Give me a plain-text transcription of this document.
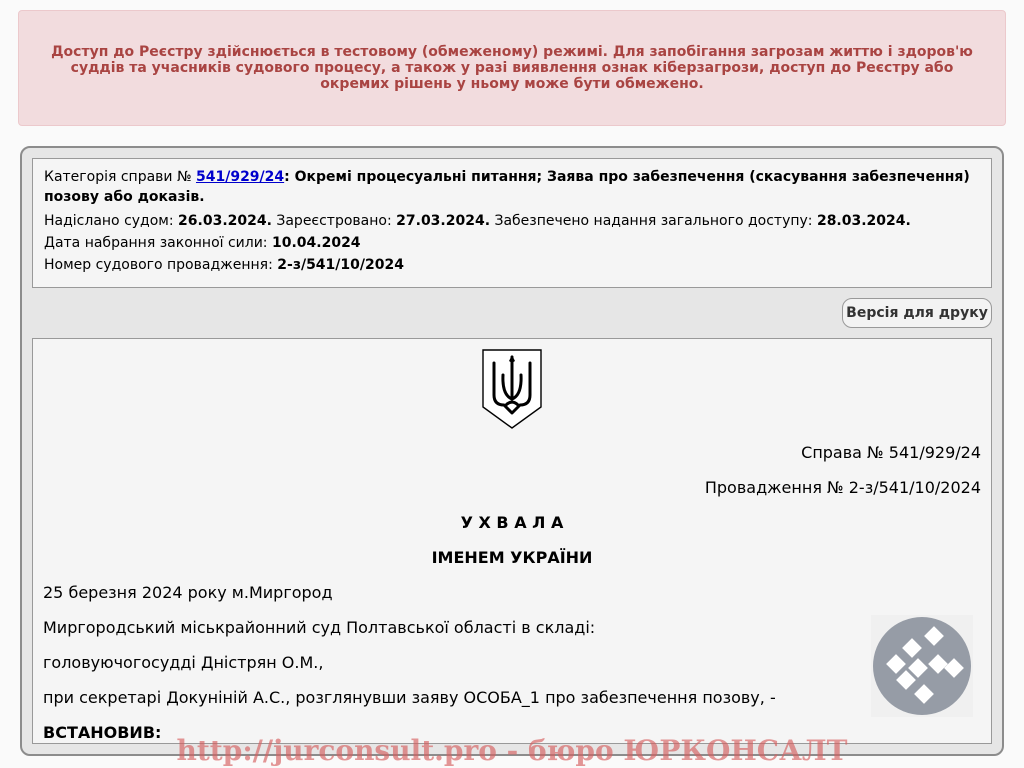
Доступ до Реєстру здійснюється в тестовому (обмеженому) режимі. Для запобігання загрозам життю і здоров'ю суддів та учасників судового процесу, а також у разі виявлення ознак кіберзагрози, доступ до Реєстру або окремих рішень у ньому може бути обмежено.

Категорія справи № 541/929/24: Окремі процесуальні питання; Заява про забезпечення (скасування забезпечення) позову або доказів.

Надіслано судом: 26.03.2024. Зареєстровано: 27.03.2024. Забезпечено надання загального доступу: 28.03.2024.

Дата набрання законної сили: 10.04.2024

Номер судового провадження: 2-з/541/10/2024

Версія для друку

Справа № 541/929/24

Провадження № 2-з/541/10/2024

У Х В А Л А

ІМЕНЕМ УКРАЇНИ

25 березня 2024 року м.Миргород

Миргородський міськрайонний суд Полтавської області в складі:

головуючогосудді Дністрян О.М.,

при секретарі Докуніній А.С., розглянувши заяву ОСОБА_1 про забезпечення позову, -

ВСТАНОВИВ:

http://jurconsult.pro - бюро ЮРКОНСАЛТ
